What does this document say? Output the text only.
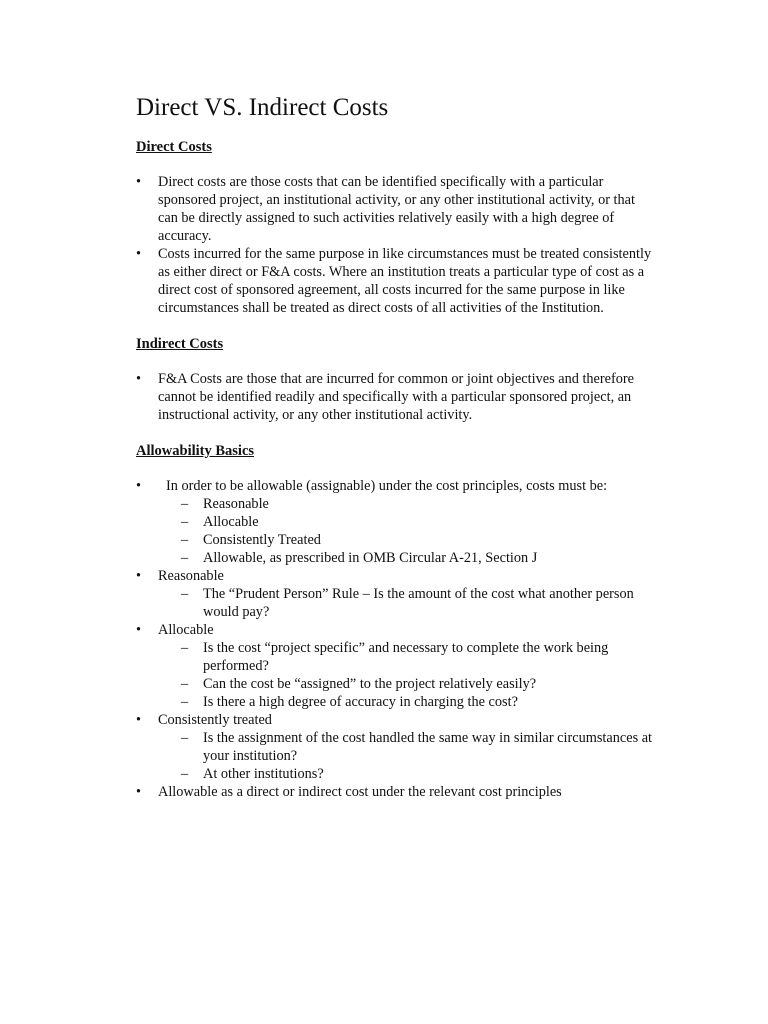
Direct VS. Indirect Costs
Direct Costs
• Direct costs are those costs that can be identified specifically with a particular sponsored project, an institutional activity, or any other institutional activity, or that can be directly assigned to such activities relatively easily with a high degree of accuracy.
• Costs incurred for the same purpose in like circumstances must be treated consistently as either direct or F&A costs. Where an institution treats a particular type of cost as a direct cost of sponsored agreement, all costs incurred for the same purpose in like circumstances shall be treated as direct costs of all activities of the Institution.
Indirect Costs
• F&A Costs are those that are incurred for common or joint objectives and therefore cannot be identified readily and specifically with a particular sponsored project, an instructional activity, or any other institutional activity.
Allowability Basics
•	In order to be allowable (assignable) under the cost principles, costs must be:
– Reasonable
– Allocable
– Consistently Treated
– Allowable, as prescribed in OMB Circular A-21, Section J
• Reasonable
– The “Prudent Person” Rule – Is the amount of the cost what another person would pay?
• Allocable
– Is the cost “project specific” and necessary to complete the work being performed?
– Can the cost be “assigned” to the project relatively easily?
– Is there a high degree of accuracy in charging the cost?
• Consistently treated
– Is the assignment of the cost handled the same way in similar circumstances at your institution?
– At other institutions?
• Allowable as a direct or indirect cost under the relevant cost principles
